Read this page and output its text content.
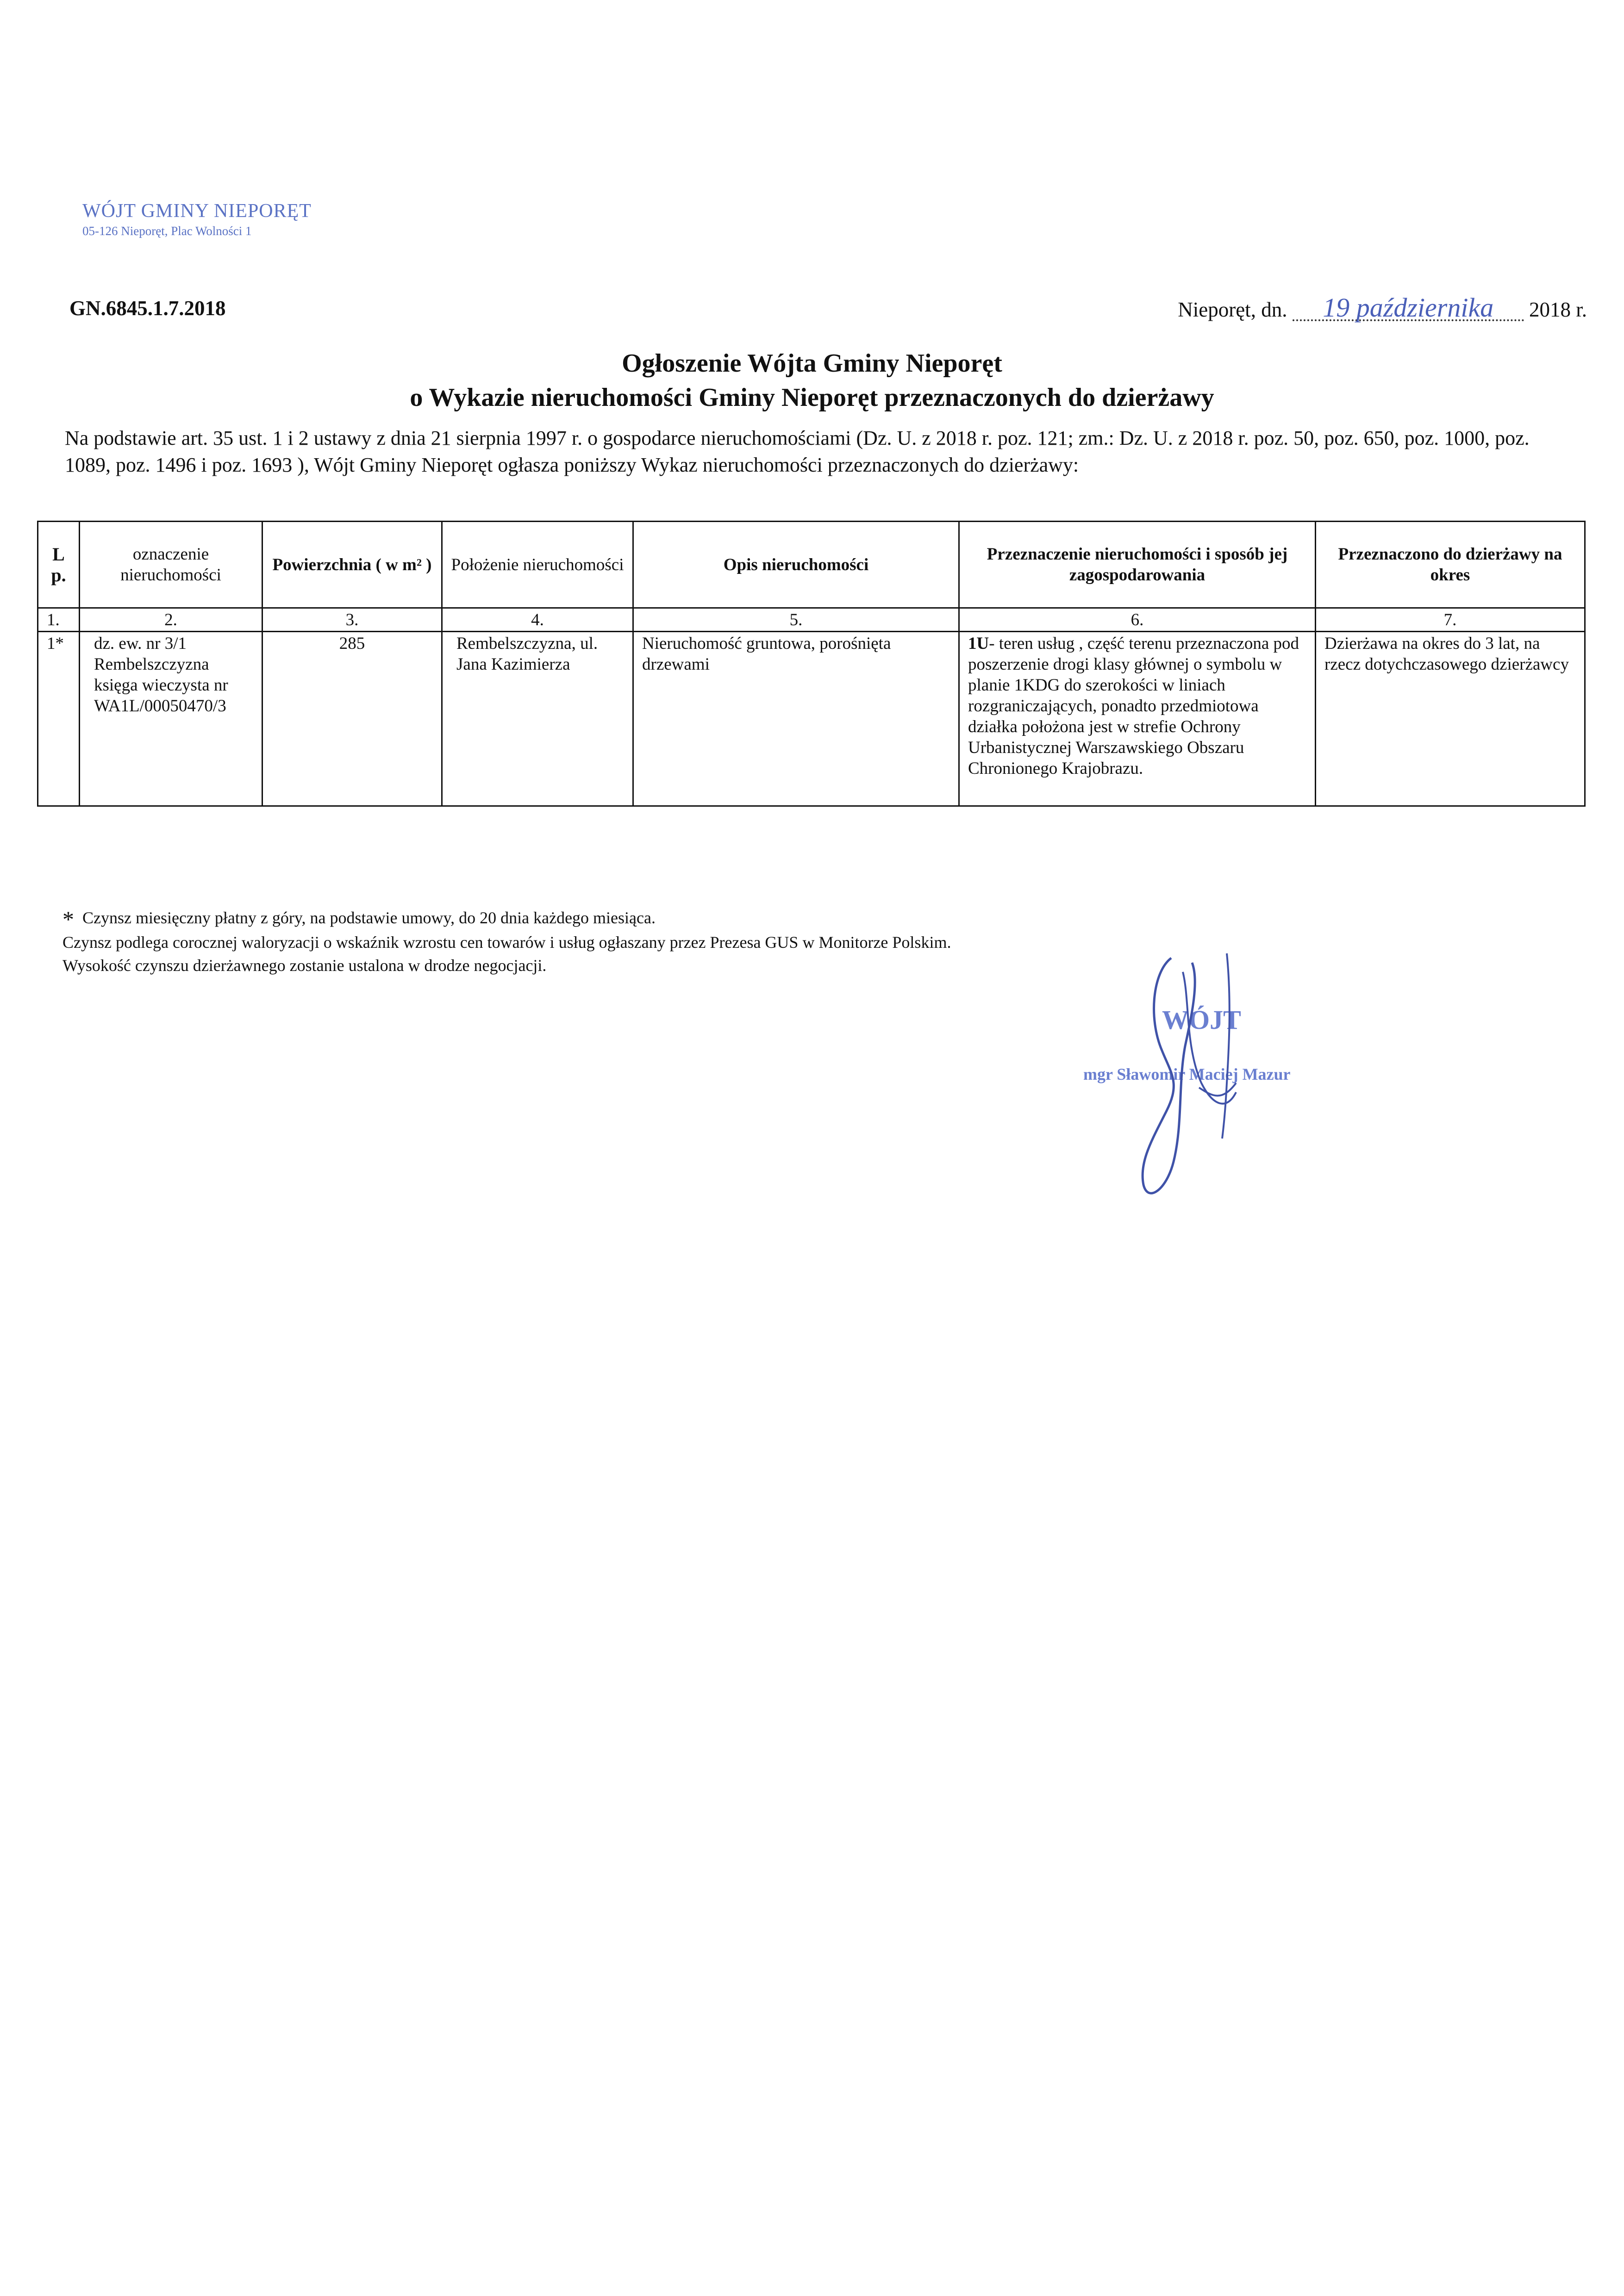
WÓJT GMINY NIEPORĘT
05-126 Nieporęt, Plac Wolności 1
GN.6845.1.7.2018	Nieporęt, dn. 19 października 2018 r.
Ogłoszenie Wójta Gminy Nieporęt
o Wykazie nieruchomości Gminy Nieporęt przeznaczonych do dzierżawy
Na podstawie art. 35 ust. 1 i 2 ustawy z dnia 21 sierpnia 1997 r. o gospodarce nieruchomościami (Dz. U. z 2018 r. poz. 121; zm.: Dz. U. z 2018 r. poz. 50, poz. 650, poz. 1000, poz. 1089, poz. 1496 i poz. 1693 ), Wójt Gminy Nieporęt ogłasza poniższy Wykaz nieruchomości przeznaczonych do dzierżawy:
L p.	oznaczenie nieruchomości	Powierzchnia ( w m² )	Położenie nieruchomości	Opis nieruchomości	Przeznaczenie nieruchomości i sposób jej zagospodarowania	Przeznaczono do dzierżawy na okres
1.	2.	3.	4.	5.	6.	7.
1*	dz. ew. nr 3/1 Rembelszczyzna księga wieczysta nr WA1L/00050470/3	285	Rembelszczyzna, ul. Jana Kazimierza	Nieruchomość gruntowa, porośnięta drzewami	1U- teren usług , część terenu przeznaczona pod poszerzenie drogi klasy głównej o symbolu w planie 1KDG do szerokości w liniach rozgraniczających, ponadto przedmiotowa działka położona jest w strefie Ochrony Urbanistycznej Warszawskiego Obszaru Chronionego Krajobrazu.	Dzierżawa na okres do 3 lat, na rzecz dotychczasowego dzierżawcy
* Czynsz miesięczny płatny z góry, na podstawie umowy, do 20 dnia każdego miesiąca.
Czynsz podlega corocznej waloryzacji o wskaźnik wzrostu cen towarów i usług ogłaszany przez Prezesa GUS w Monitorze Polskim.
Wysokość czynszu dzierżawnego zostanie ustalona w drodze negocjacji.
WÓJT
mgr Sławomir Maciej Mazur
